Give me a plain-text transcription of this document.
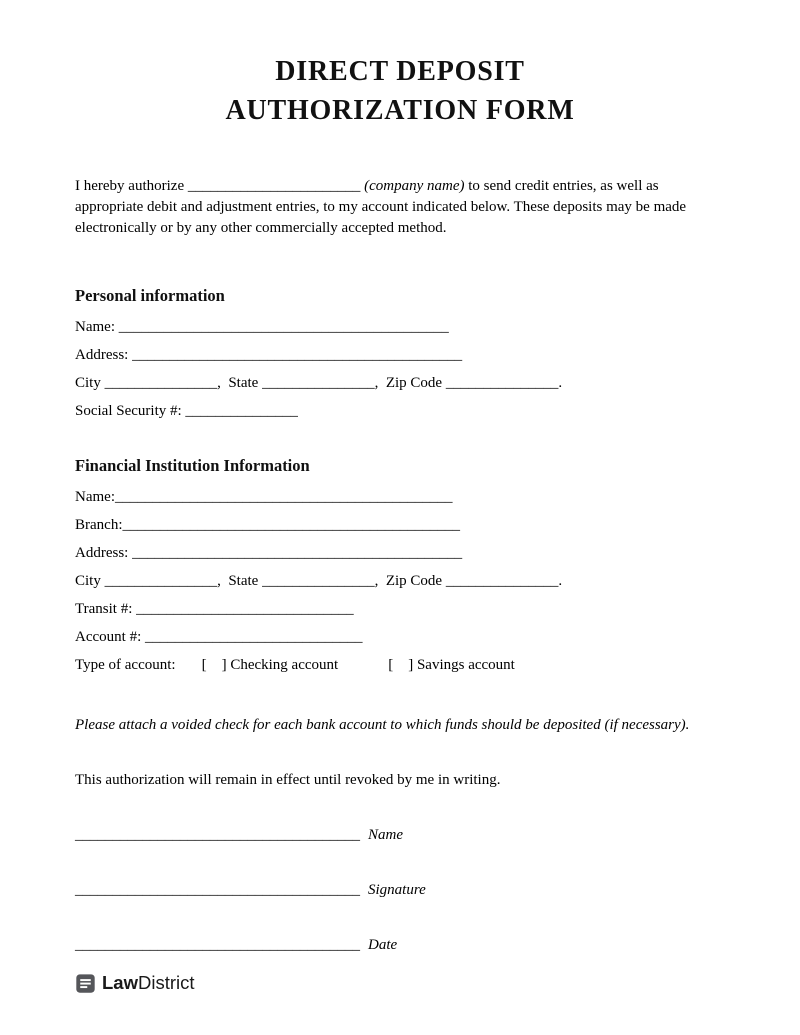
DIRECT DEPOSIT
AUTHORIZATION FORM

I hereby authorize _______________________ (company name) to send credit entries, as well as appropriate debit and adjustment entries, to my account indicated below. These deposits may be made electronically or by any other commercially accepted method.

Personal information
Name: ____________________________________________
Address: ____________________________________________
City _______________,  State _______________,  Zip Code _______________.
Social Security #: _______________
Financial Institution Information
Name:_____________________________________________
Branch:_____________________________________________
Address: ____________________________________________
City _______________,  State _______________,  Zip Code _______________.
Transit #: _____________________________
Account #: _____________________________
Type of account: [    ] Checking account	[    ] Savings account

Please attach a voided check for each bank account to which funds should be deposited (if necessary).

This authorization will remain in effect until revoked by me in writing.

______________________________________ Name
______________________________________ Signature
______________________________________ Date
LawDistrict
